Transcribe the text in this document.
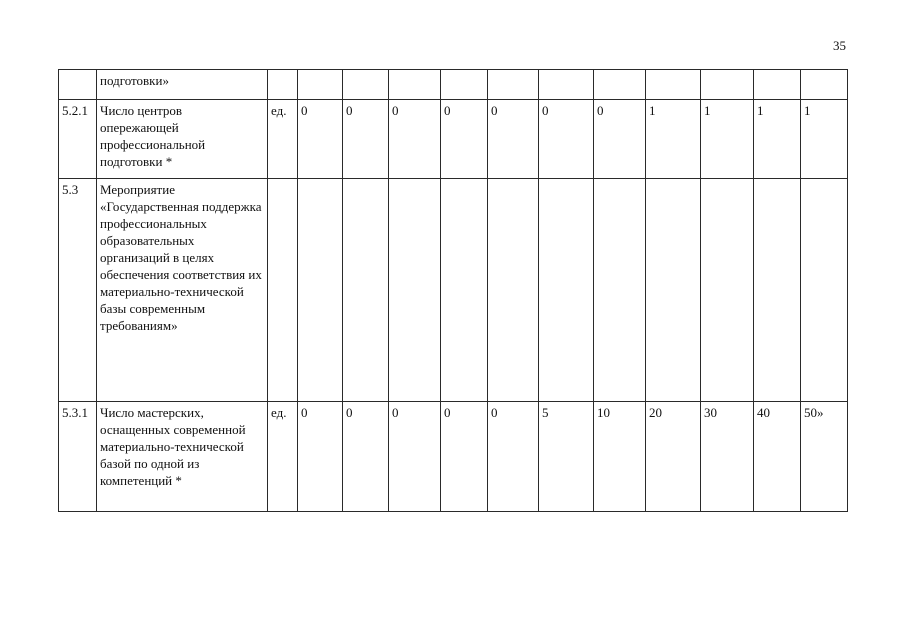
35
	подготовки»												
5.2.1	Число центров опережающей профессиональной подготовки *	ед.	0	0	0	0	0	0	0	1	1	1	1
5.3	Мероприятие «Государственная поддержка профессиональных образовательных организаций в целях обеспечения соответствия их материально-технической базы современным требованиям»												
5.3.1	Число мастерских, оснащенных современной материально-технической базой по одной из компетенций *	ед.	0	0	0	0	0	5	10	20	30	40	50»
